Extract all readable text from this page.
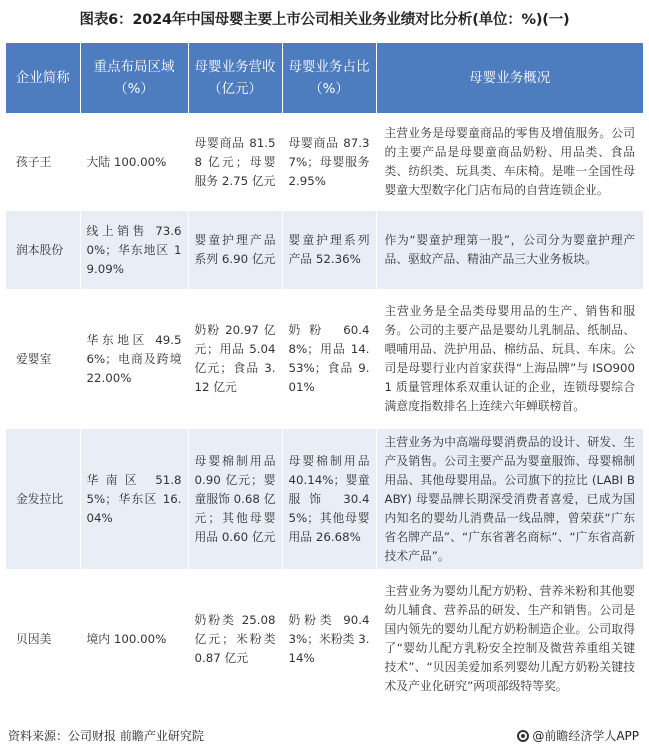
图表6：2024年中国母婴主要上市公司相关业务业绩对比分析(单位：%)(一)
企业简称	重点布局区域（%）	母婴业务营收（亿元）	母婴业务占比（%）	母婴业务概况
孩子王	大陆 100.00%	母婴商品 81.58 亿元；母婴服务 2.75 亿元	母婴商品 87.37%；母婴服务 2.95%	主营业务是母婴童商品的零售及增值服务。公司的主要产品是母婴童商品奶粉、用品类、食品类、纺织类、玩具类、车床椅。是唯一全国性母婴童大型数字化门店布局的自营连锁企业。
润本股份	线上销售 73.60%；华东地区 19.09%	婴童护理产品系列 6.90 亿元	婴童护理系列产品 52.36%	作为“婴童护理第一股”，公司分为婴童护理产品、驱蚊产品、精油产品三大业务板块。
爱婴室	华东地区 49.56%；电商及跨境 22.00%	奶粉 20.97 亿元；用品 5.04 亿元；食品 3.12 亿元	奶粉 60.48%；用品 14.53%；食品 9.01%	主营业务是全品类母婴用品的生产、销售和服务。公司的主要产品是婴幼儿乳制品、纸制品、喂哺用品、洗护用品、棉纺品、玩具、车床。公司是母婴行业内首家获得“上海品牌”与 ISO9001 质量管理体系双重认证的企业，连锁母婴综合满意度指数排名上连续六年蝉联榜首。
金发拉比	华南区 51.85%；华东区 16.04%	母婴棉制用品 0.90 亿元；婴童服饰 0.68 亿元；其他母婴用品 0.60 亿元	母婴棉制用品 40.14%；婴童服饰 30.45%；其他母婴用品 26.68%	主营业务为中高端母婴消费品的设计、研发、生产及销售。公司主要产品为婴童服饰、母婴棉制用品、其他母婴用品。公司旗下的拉比 (LABI BABY) 母婴品牌长期深受消费者喜爱，已成为国内知名的婴幼儿消费品一线品牌，曾荣获“广东省名牌产品”、“广东省著名商标”、“广东省高新技术产品”。
贝因美	境内 100.00%	奶粉类 25.08 亿元；米粉类 0.87 亿元	奶粉类 90.43%；米粉类 3.14%	主营业务为婴幼儿配方奶粉、营养米粉和其他婴幼儿辅食、营养品的研发、生产和销售。公司是国内领先的婴幼儿配方奶粉制造企业。公司取得了“婴幼儿配方乳粉安全控制及微营养重组关键技术”、“贝因美爱加系列婴幼儿配方奶粉关键技术及产业化研究”两项部级特等奖。
资料来源：公司财报 前瞻产业研究院	@前瞻经济学人APP
